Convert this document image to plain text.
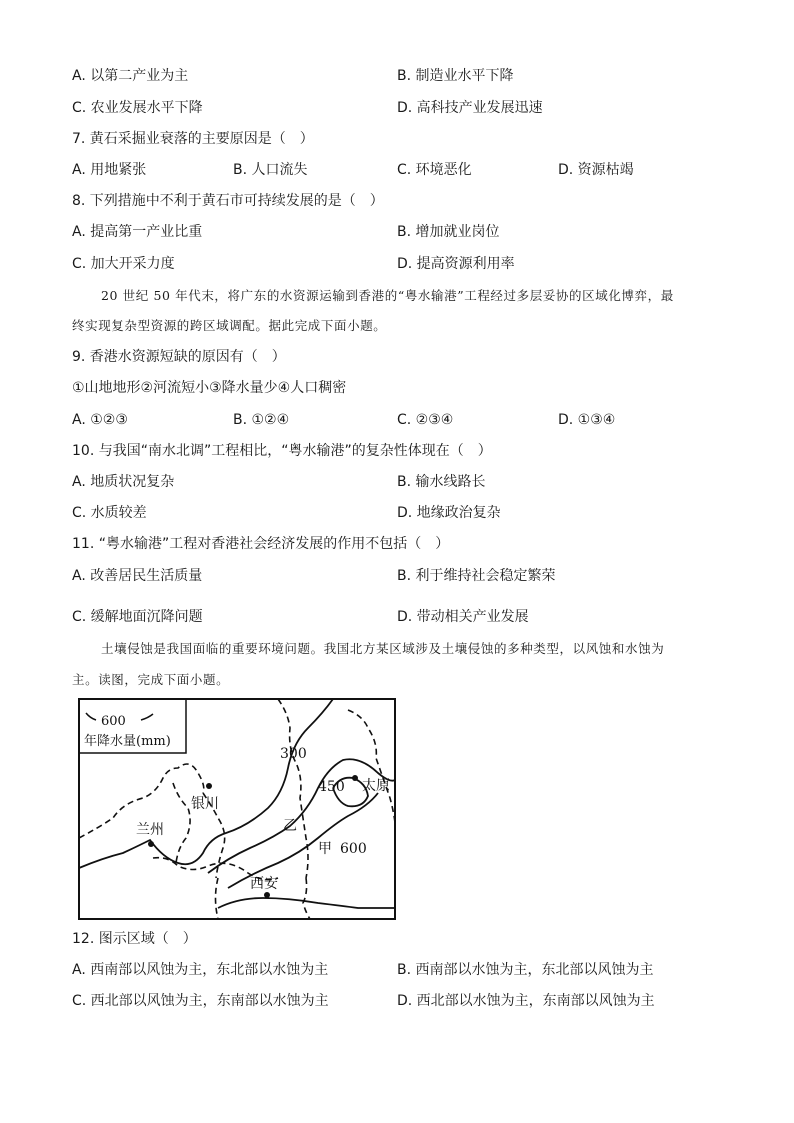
A. 以第二产业为主	B. 制造业水平下降
C. 农业发展水平下降	D. 高科技产业发展迅速
7. 黄石采掘业衰落的主要原因是（　）
A. 用地紧张	B. 人口流失	C. 环境恶化	D. 资源枯竭
8. 下列措施中不利于黄石市可持续发展的是（　）
A. 提高第一产业比重	B. 增加就业岗位
C. 加大开采力度	D. 提高资源利用率
20 世纪 50 年代末，将广东的水资源运输到香港的“粤水输港”工程经过多层妥协的区域化博弈，最
终实现复杂型资源的跨区域调配。据此完成下面小题。
9. 香港水资源短缺的原因有（　）
①山地地形②河流短小③降水量少④人口稠密
A. ①②③	B. ①②④	C. ②③④	D. ①③④
10. 与我国“南水北调”工程相比，“粤水输港”的复杂性体现在（　）
A. 地质状况复杂	B. 输水线路长
C. 水质较差	D. 地缘政治复杂
11. “粤水输港”工程对香港社会经济发展的作用不包括（　）
A. 改善居民生活质量	B. 利于维持社会稳定繁荣
C. 缓解地面沉降问题	D. 带动相关产业发展
土壤侵蚀是我国面临的重要环境问题。我国北方某区域涉及土壤侵蚀的多种类型，以风蚀和水蚀为
主。读图，完成下面小题。
600
年降水量(mm)
300
450
600
银川
太原
兰州
西安
乙
甲
12. 图示区域（　）
A. 西南部以风蚀为主，东北部以水蚀为主	B. 西南部以水蚀为主，东北部以风蚀为主
C. 西北部以风蚀为主，东南部以水蚀为主	D. 西北部以水蚀为主，东南部以风蚀为主
